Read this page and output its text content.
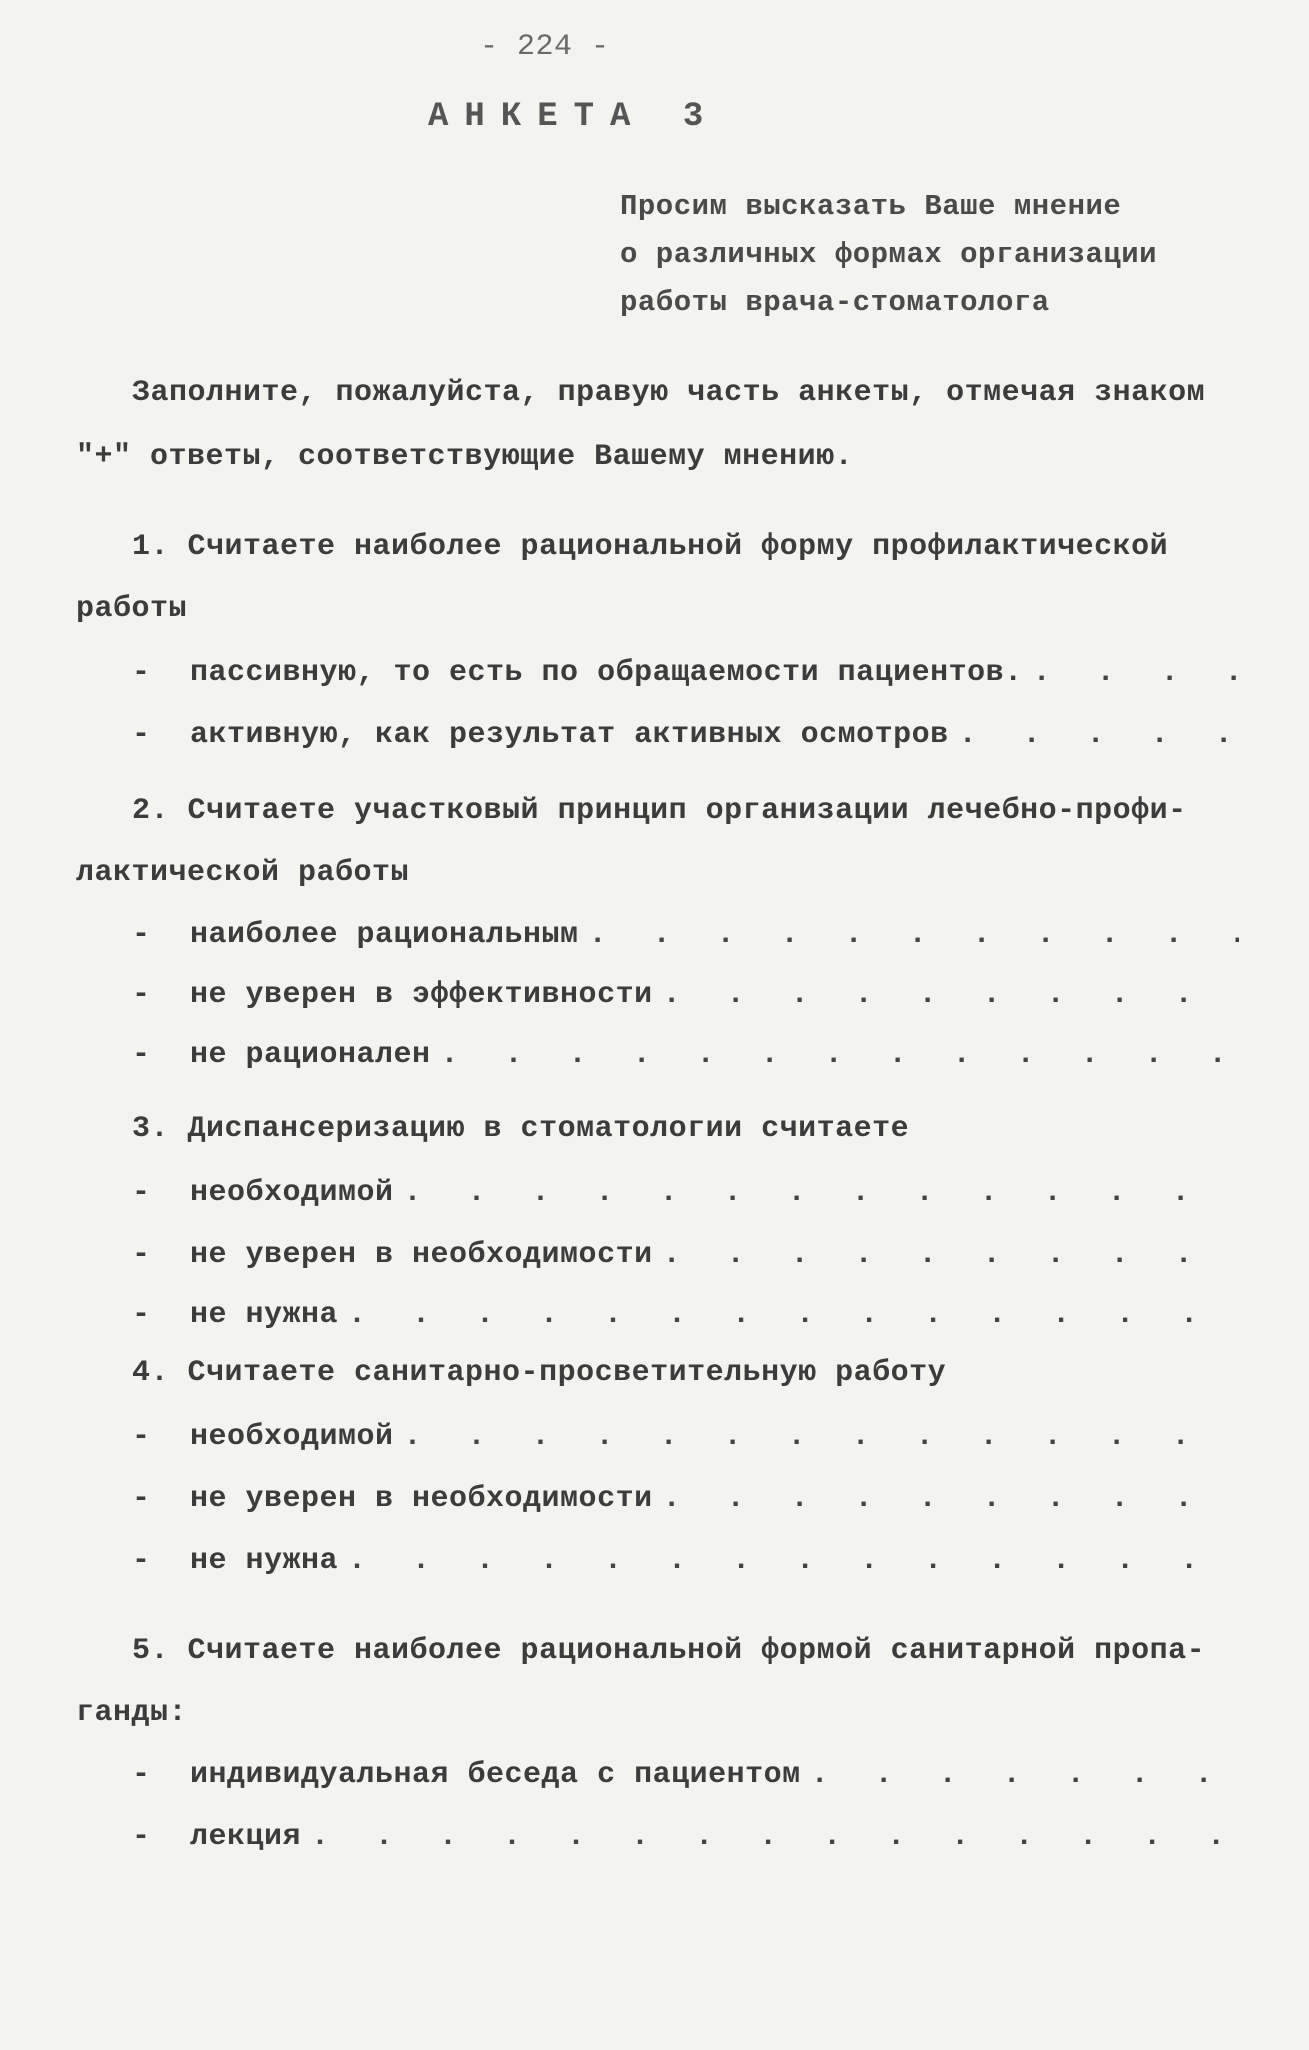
- 224 -
АНКЕТА 3
Просим высказать Ваше мнение
о различных формах организации
работы врача-стоматолога
Заполните, пожалуйста, правую часть анкеты, отмечая знаком
"+" ответы, соответствующие Вашему мнению.
1. Считаете наиболее рациональной форму профилактической
работы
-	пассивную, то есть по обращаемости пациентов.
. . .
-	активную, как результат активных осмотров
. . .
2. Считаете участковый принцип организации лечебно-профи-
лактической работы
-	наиболее рациональным
. . .
-	не уверен в эффективности
. . .
-	не рационален
. . .
3. Диспансеризацию в стоматологии считаете
-	необходимой
. . .
-	не уверен в необходимости
. . .
-	не нужна
. . .
4. Считаете санитарно-просветительную работу
-	необходимой
. . .
-	не уверен в необходимости
. . .
-	не нужна
. . .
5. Считаете наиболее рациональной формой санитарной пропа-
ганды:
-	индивидуальная беседа с пациентом
. . .
-	лекция
. . .
